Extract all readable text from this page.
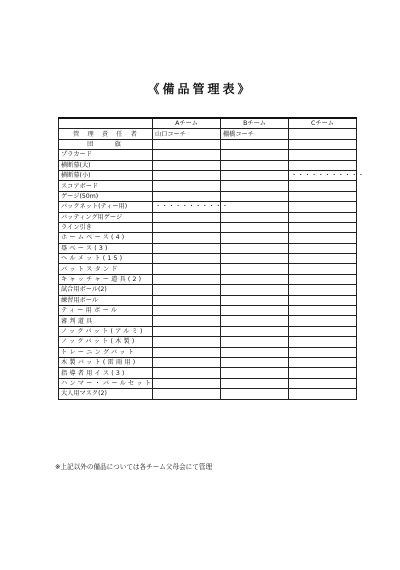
《備品管理表》
	Aチーム	Bチーム	Cチーム
管　理　責　任　者	山口コーチ	棚橋コーチ	
団　　旗			
プラカード			
横断幕(大)			
横断幕(小)			・・・・・・・・・・・
スコアボード			
ゲージ(50m)			
バックネット(ティー用)	・・・・・・・・・・・		
バッティング用ゲージ			
ライン引き			
ホームベース(4)			
塁ベース(3)			
ヘルメット(15)			
バットスタンド			
キャッチャー道具(2)			
試合用ボール(2)			
練習用ボール			
ティー用ボール			
審判道具			
ノックバット(アルミ)			
ノックバット(木製)			
トレーニングバット			
木製バット(雷雨用)			
指導者用イス(3)			
ハンマー・バールセット			
大人用マスク(2)			
※上記以外の備品については各チーム父母会にて管理
